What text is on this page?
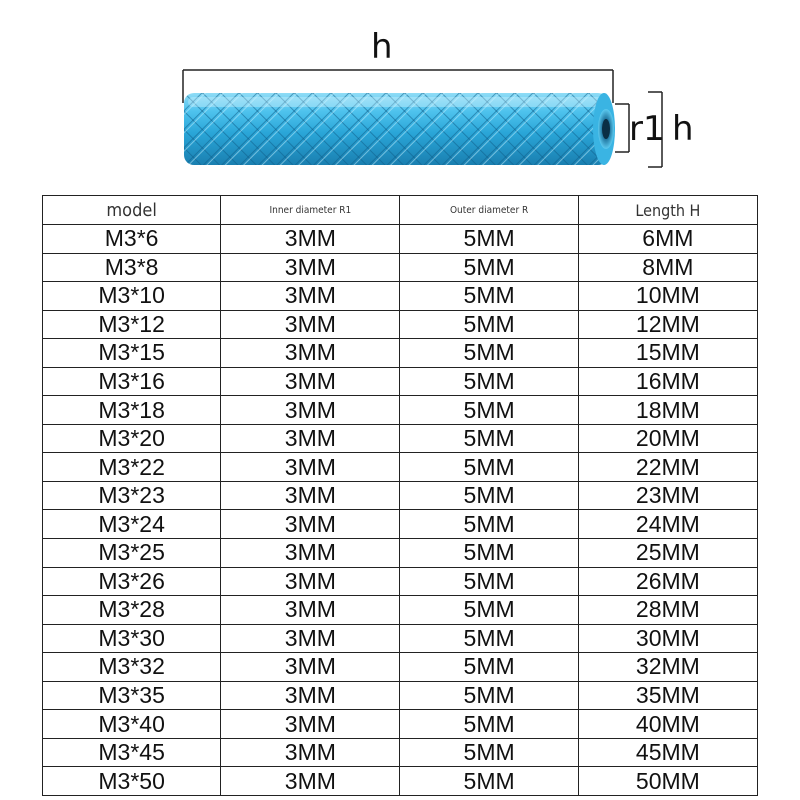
h
r1 h
model	Inner diameter R1	Outer diameter R	Length H
M3*6	3MM	5MM	6MM
M3*8	3MM	5MM	8MM
M3*10	3MM	5MM	10MM
M3*12	3MM	5MM	12MM
M3*15	3MM	5MM	15MM
M3*16	3MM	5MM	16MM
M3*18	3MM	5MM	18MM
M3*20	3MM	5MM	20MM
M3*22	3MM	5MM	22MM
M3*23	3MM	5MM	23MM
M3*24	3MM	5MM	24MM
M3*25	3MM	5MM	25MM
M3*26	3MM	5MM	26MM
M3*28	3MM	5MM	28MM
M3*30	3MM	5MM	30MM
M3*32	3MM	5MM	32MM
M3*35	3MM	5MM	35MM
M3*40	3MM	5MM	40MM
M3*45	3MM	5MM	45MM
M3*50	3MM	5MM	50MM
